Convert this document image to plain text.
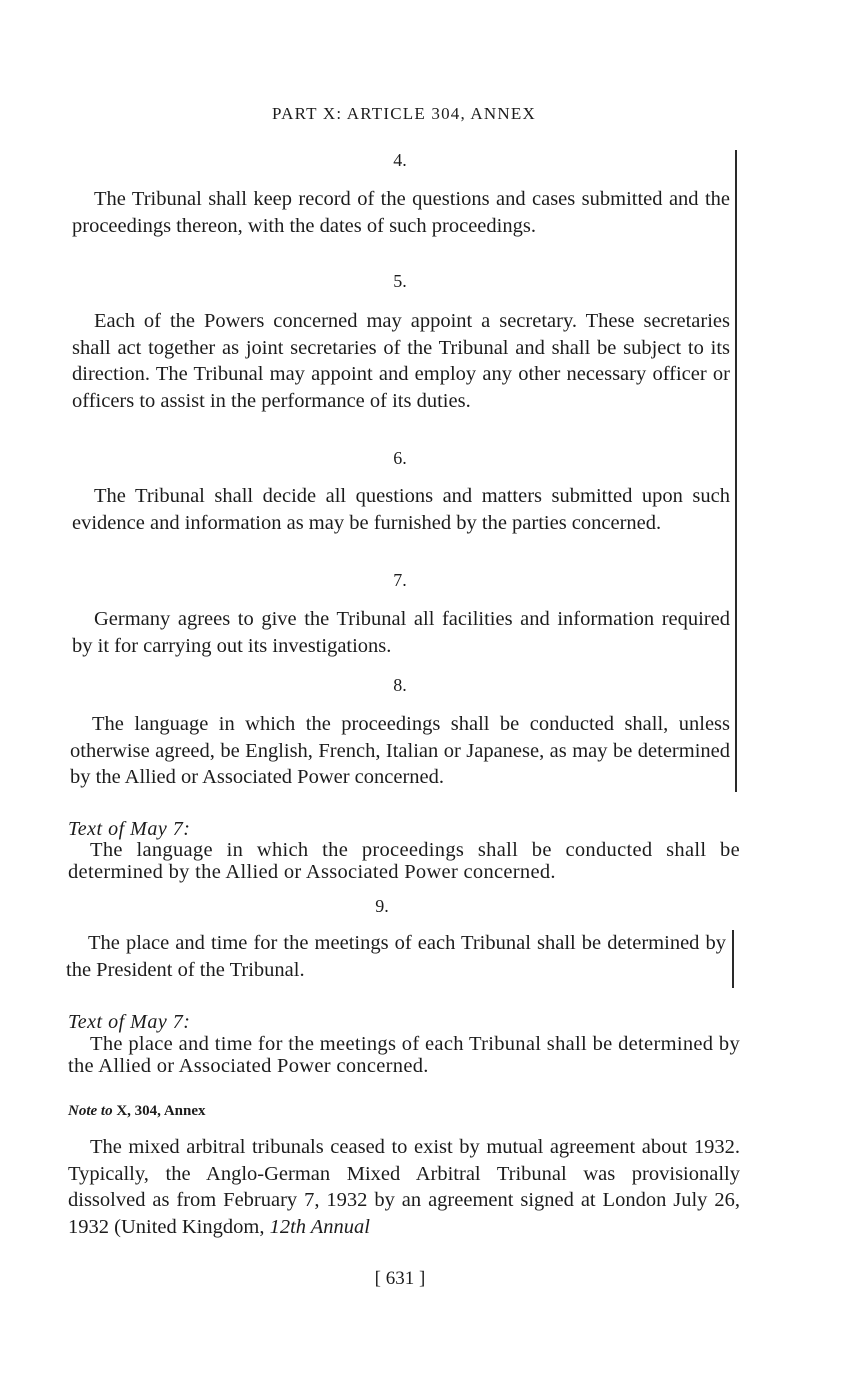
PART X: ARTICLE 304, ANNEX
4.

The Tribunal shall keep record of the questions and cases submitted and the proceedings thereon, with the dates of such proceedings.

5.

Each of the Powers concerned may appoint a secretary. These secretaries shall act together as joint secretaries of the Tribunal and shall be subject to its direction. The Tribunal may appoint and employ any other necessary officer or officers to assist in the performance of its duties.

6.

The Tribunal shall decide all questions and matters submitted upon such evidence and information as may be furnished by the parties concerned.

7.

Germany agrees to give the Tribunal all facilities and information required by it for carrying out its investigations.

8.

The language in which the proceedings shall be conducted shall, unless otherwise agreed, be English, French, Italian or Japanese, as may be determined by the Allied or Associated Power concerned.

Text of May 7:

The language in which the proceedings shall be conducted shall be determined by the Allied or Associated Power concerned.

9.

The place and time for the meetings of each Tribunal shall be determined by the President of the Tribunal.

Text of May 7:

The place and time for the meetings of each Tribunal shall be determined by the Allied or Associated Power concerned.

Note to X, 304, Annex

The mixed arbitral tribunals ceased to exist by mutual agreement about 1932. Typically, the Anglo-German Mixed Arbitral Tribunal was provisionally dissolved as from February 7, 1932 by an agreement signed at London July 26, 1932 (United Kingdom, 12th Annual

[ 631 ]
